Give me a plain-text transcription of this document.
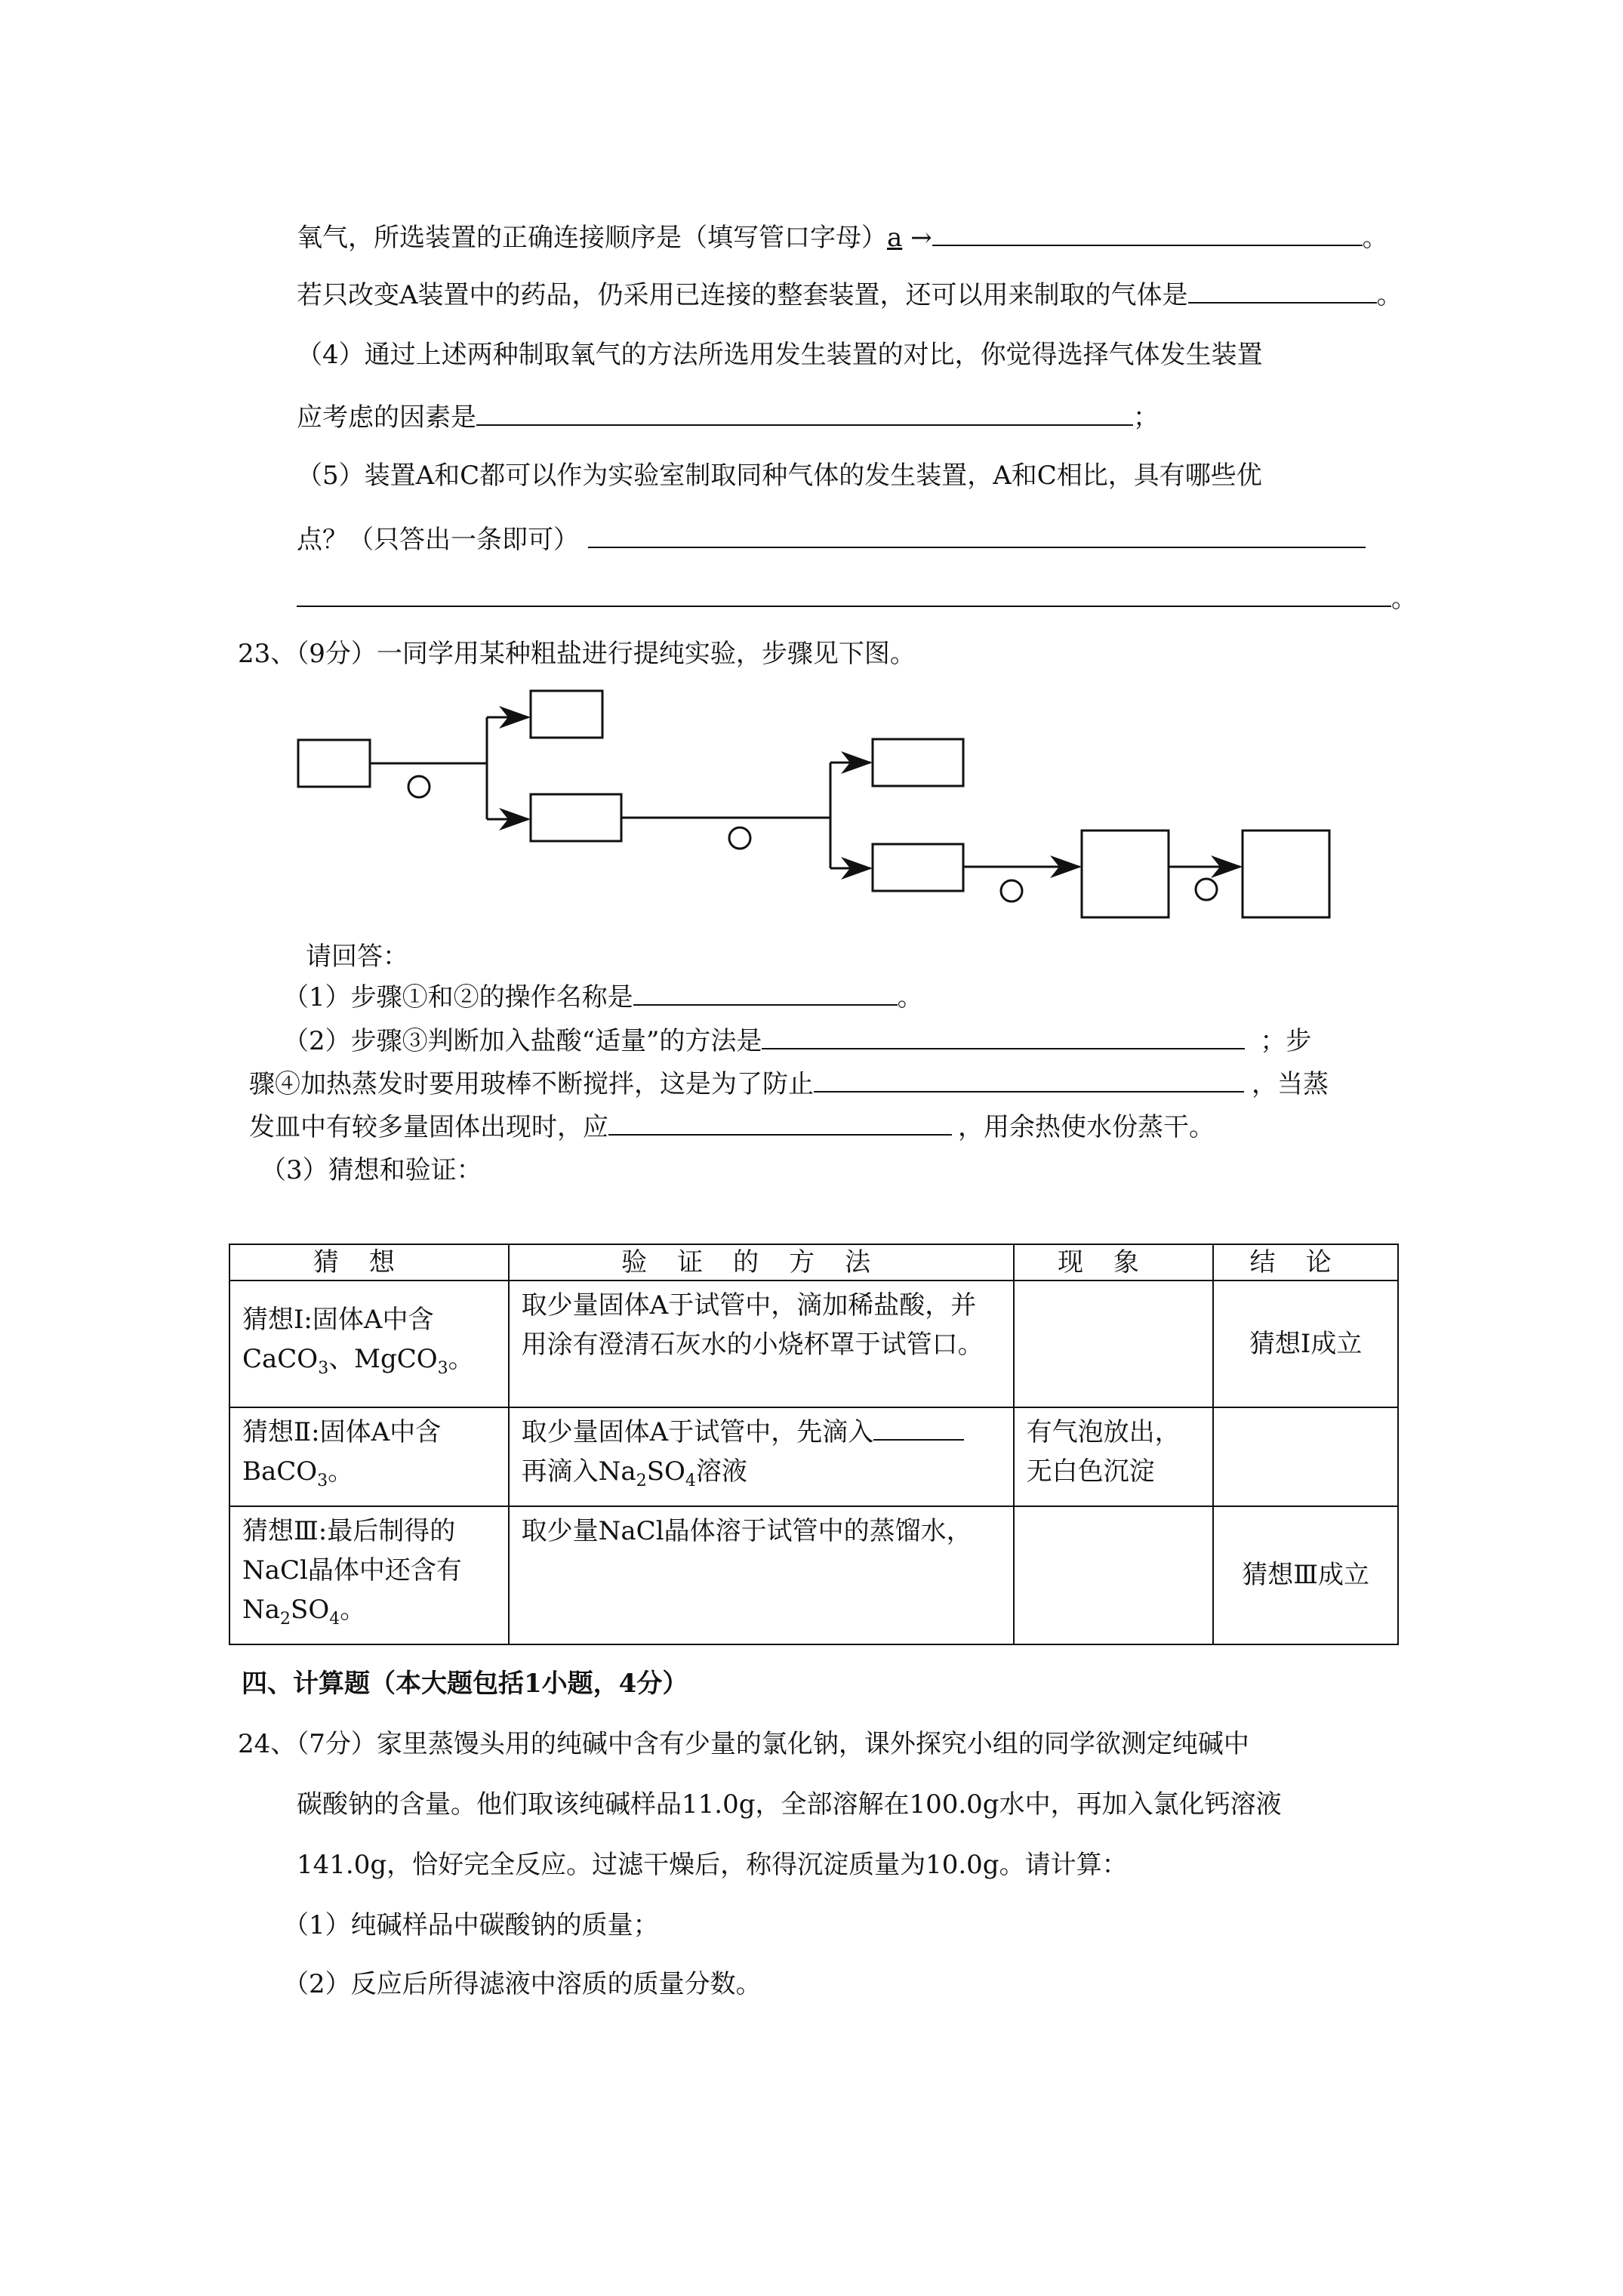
氧气，所选装置的正确连接顺序是（填写管口字母）a →	。
若只改变A装置中的药品，仍采用已连接的整套装置，还可以用来制取的气体是	。
（4）通过上述两种制取氧气的方法所选用发生装置的对比，你觉得选择气体发生装置
应考虑的因素是	；
（5）装置A和C都可以作为实验室制取同种气体的发生装置，A和C相比，具有哪些优
点？（只答出一条即可）
。
23、（9分）一同学用某种粗盐进行提纯实验，步骤见下图。
请回答：
（1）步骤①和②的操作名称是	。
（2）步骤③判断加入盐酸“适量”的方法是	；步
骤④加热蒸发时要用玻棒不断搅拌，这是为了防止	，当蒸
发皿中有较多量固体出现时，应	，用余热使水份蒸干。
（3）猜想和验证：
猜想	验证的方法	现象	结论
猜想Ⅰ:固体A中含
CaCO$_3$、MgCO$_3$。	取少量固体A于试管中，滴加稀盐酸，并用涂有澄清石灰水的小烧杯罩于试管口。		猜想Ⅰ成立
猜想Ⅱ:固体A中含
BaCO$_3$。	取少量固体A于试管中，先滴入
再滴入$Na_2SO_4$溶液	有气泡放出，无白色沉淀	
猜想Ⅲ:最后制得的NaCl晶体中还含有$Na_2SO_4$。	取少量NaCl晶体溶于试管中的蒸馏水，		猜想Ⅲ成立
四、计算题（本大题包括1小题，4分）
24、（7分）家里蒸馒头用的纯碱中含有少量的氯化钠，课外探究小组的同学欲测定纯碱中
碳酸钠的含量。他们取该纯碱样品11.0g，全部溶解在100.0g水中，再加入氯化钙溶液
141.0g，恰好完全反应。过滤干燥后，称得沉淀质量为10.0g。请计算：
（1）纯碱样品中碳酸钠的质量；
（2）反应后所得滤液中溶质的质量分数。
